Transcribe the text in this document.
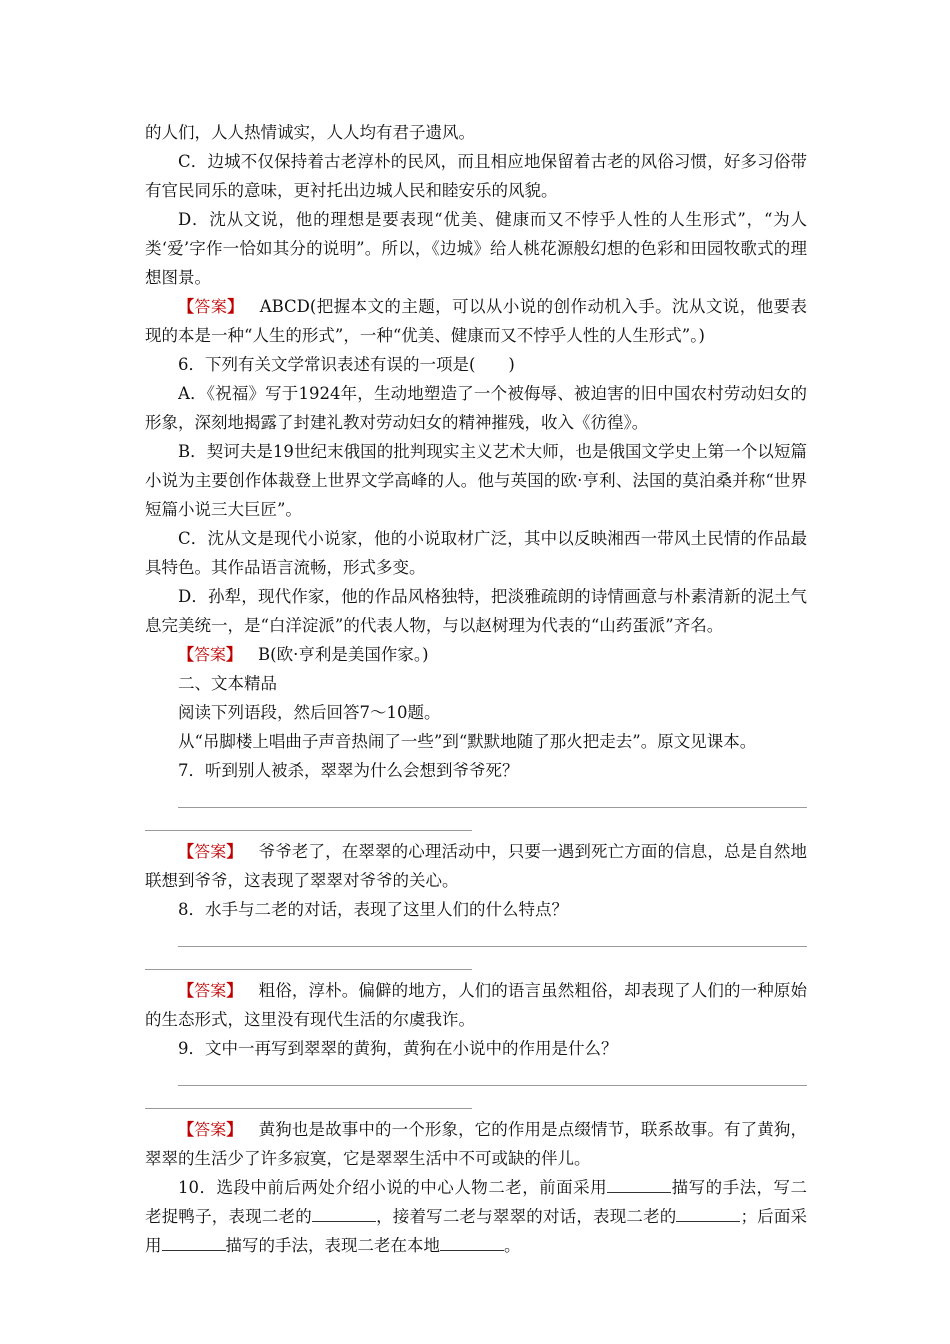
的人们，人人热情诚实，人人均有君子遗风。

C．边城不仅保持着古老淳朴的民风，而且相应地保留着古老的风俗习惯，好多习俗带有官民同乐的意味，更衬托出边城人民和睦安乐的风貌。

D．沈从文说，他的理想是要表现“优美、健康而又不悖乎人性的人生形式”，“为人类‘爱’字作一恰如其分的说明”。所以，《边城》给人桃花源般幻想的色彩和田园牧歌式的理想图景。

【答案】 ABCD(把握本文的主题，可以从小说的创作动机入手。沈从文说，他要表现的本是一种“人生的形式”，一种“优美、健康而又不悖乎人性的人生形式”。)

6．下列有关文学常识表述有误的一项是(　　)

A．《祝福》写于1924年，生动地塑造了一个被侮辱、被迫害的旧中国农村劳动妇女的形象，深刻地揭露了封建礼教对劳动妇女的精神摧残，收入《彷徨》。

B．契诃夫是19世纪末俄国的批判现实主义艺术大师，也是俄国文学史上第一个以短篇小说为主要创作体裁登上世界文学高峰的人。他与英国的欧·亨利、法国的莫泊桑并称“世界短篇小说三大巨匠”。

C．沈从文是现代小说家，他的小说取材广泛，其中以反映湘西一带风土民情的作品最具特色。其作品语言流畅，形式多变。

D．孙犁，现代作家，他的作品风格独特，把淡雅疏朗的诗情画意与朴素清新的泥土气息完美统一，是“白洋淀派”的代表人物，与以赵树理为代表的“山药蛋派”齐名。

【答案】 B(欧·亨利是美国作家。)

二、文本精品

阅读下列语段，然后回答7～10题。

从“吊脚楼上唱曲子声音热闹了一些”到“默默地随了那火把走去”。原文见课本。

7．听到别人被杀，翠翠为什么会想到爷爷死？

【答案】 爷爷老了，在翠翠的心理活动中，只要一遇到死亡方面的信息，总是自然地联想到爷爷，这表现了翠翠对爷爷的关心。

8．水手与二老的对话，表现了这里人们的什么特点？

【答案】 粗俗，淳朴。偏僻的地方，人们的语言虽然粗俗，却表现了人们的一种原始的生态形式，这里没有现代生活的尔虞我诈。

9．文中一再写到翠翠的黄狗，黄狗在小说中的作用是什么？

【答案】 黄狗也是故事中的一个形象，它的作用是点缀情节，联系故事。有了黄狗，翠翠的生活少了许多寂寞，它是翠翠生活中不可或缺的伴儿。

10．选段中前后两处介绍小说的中心人物二老，前面采用	描写的手法，写二老捉鸭子，表现二老的	，接着写二老与翠翠的对话，表现二老的	；后面采用	描写的手法，表现二老在本地	。
